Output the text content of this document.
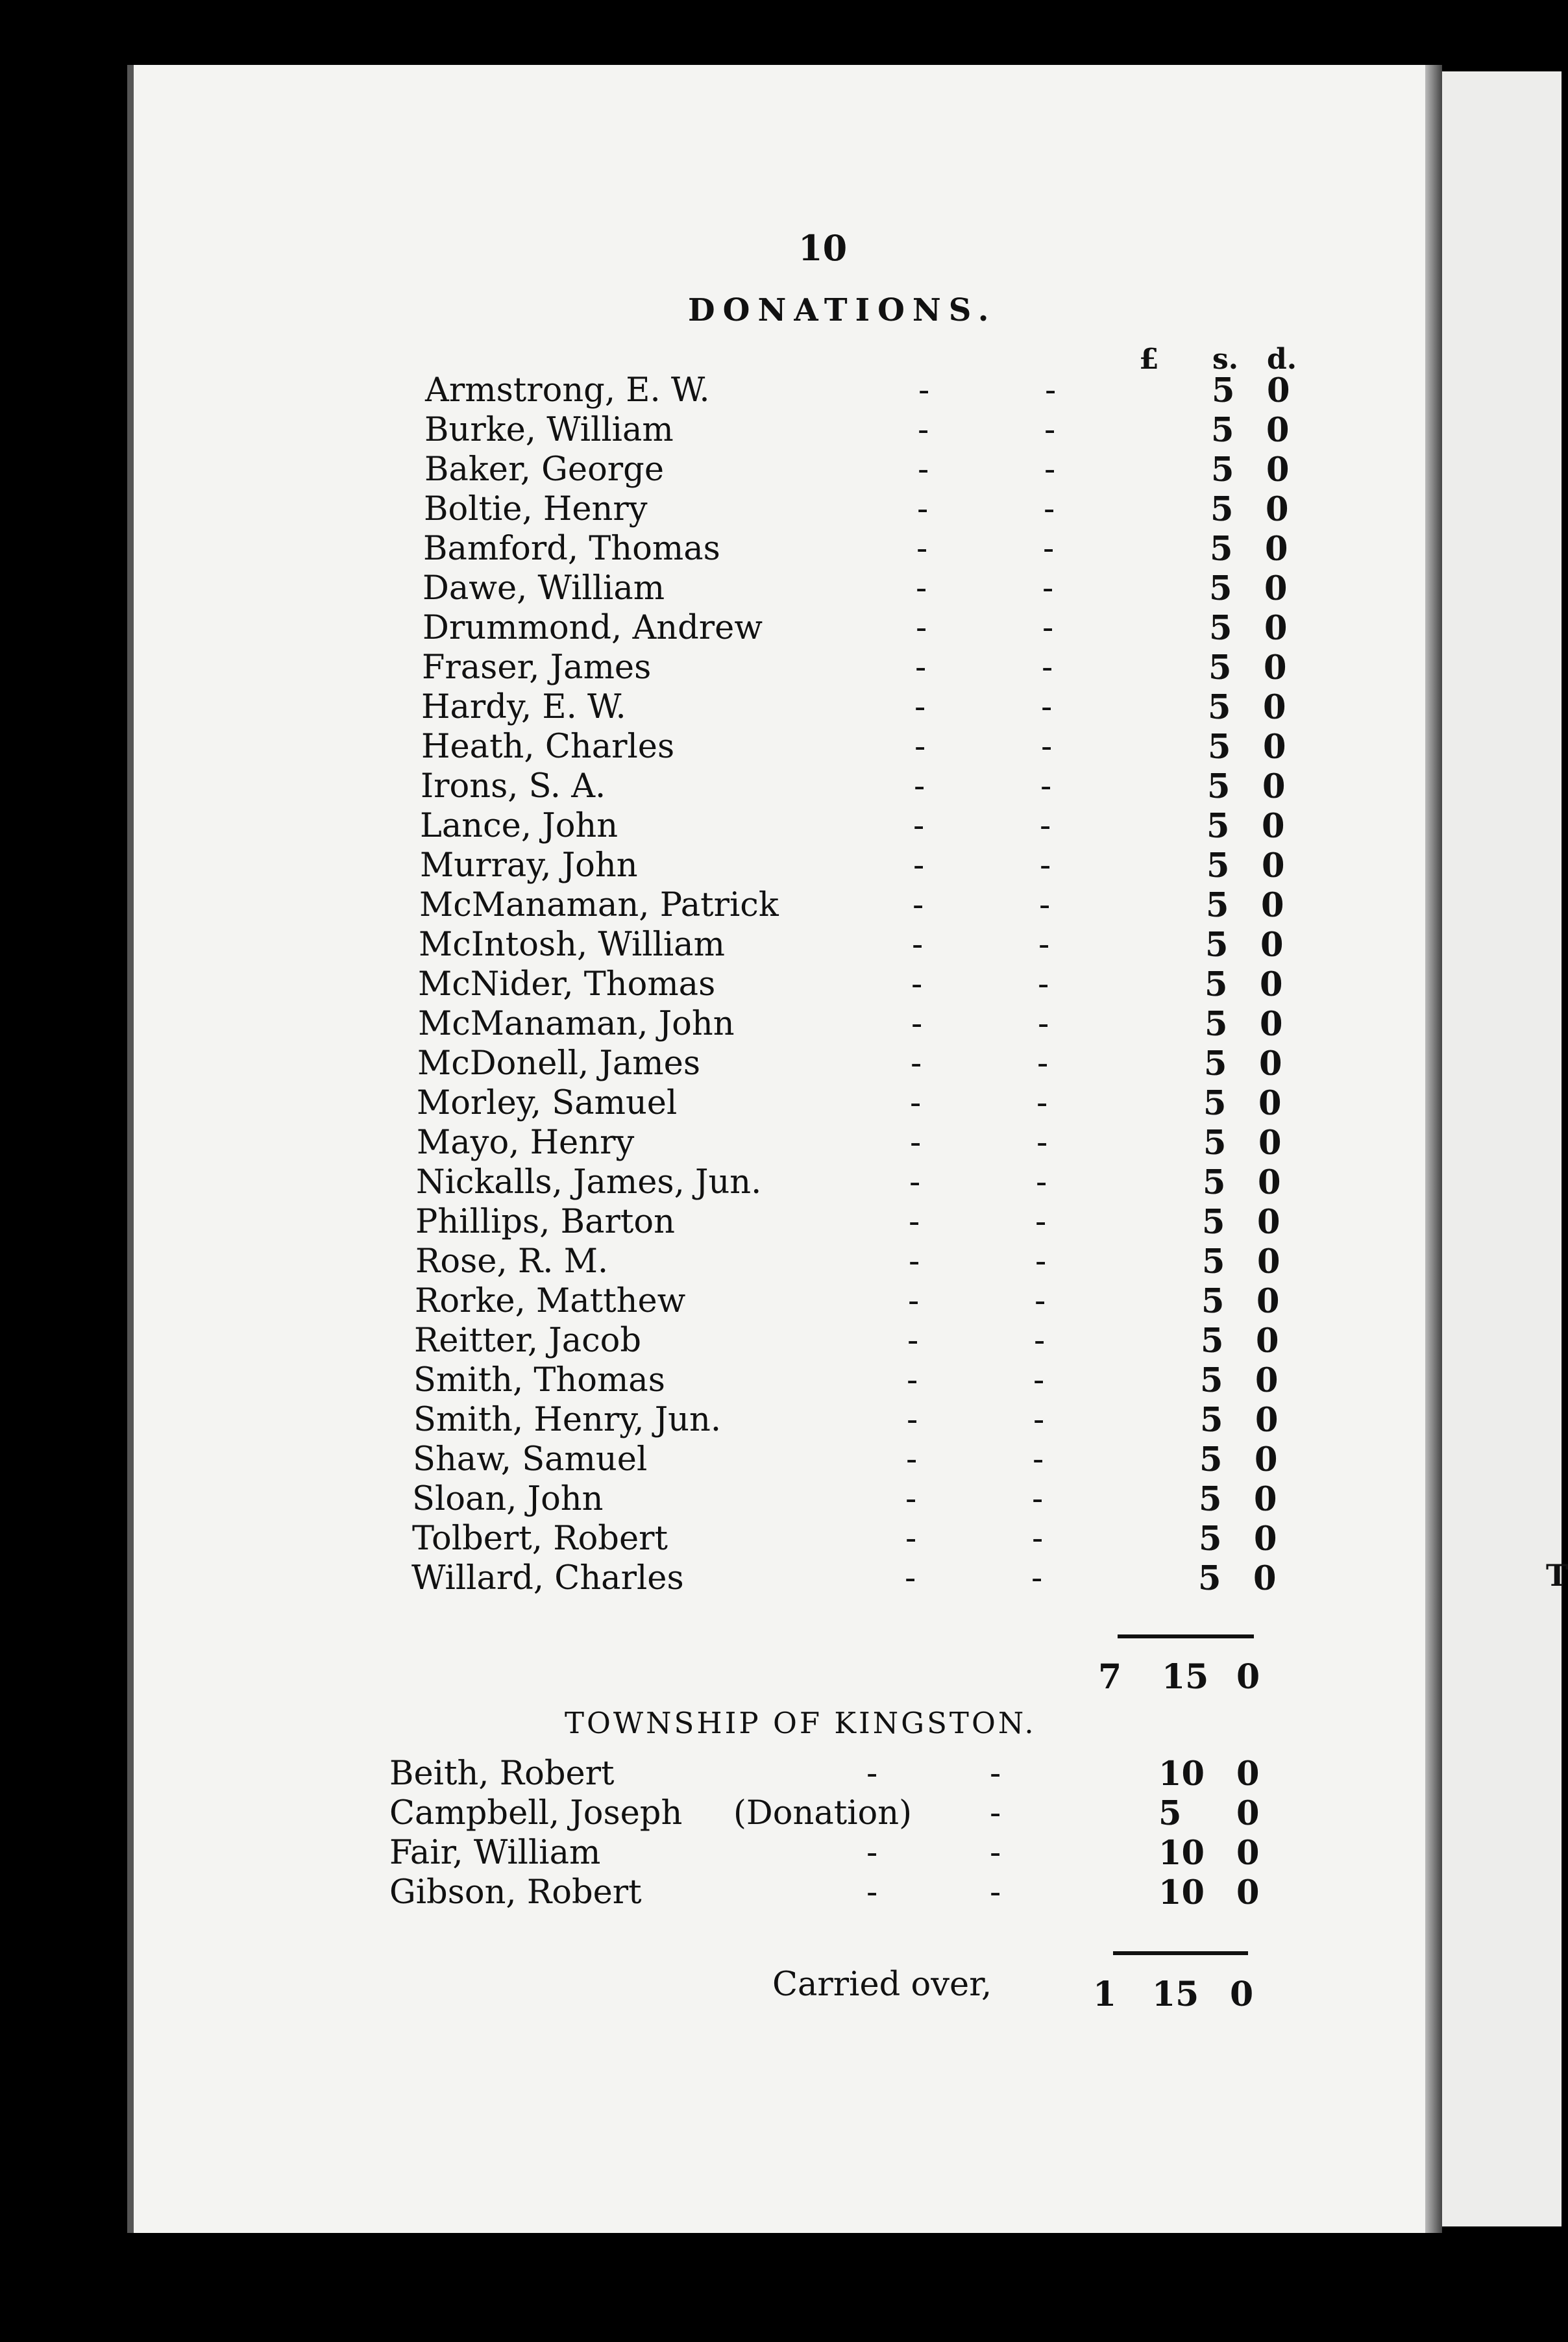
T
10
DONATIONS.
£ s. d.
Armstrong, E. W.	-	-	5 0
Burke, William	-	-	5 0
Baker, George	-	-	5 0
Boltie, Henry	-	-	5 0
Bamford, Thomas	-	-	5 0
Dawe, William	-	-	5 0
Drummond, Andrew	-	-	5 0
Fraser, James	-	-	5 0
Hardy, E. W.	-	-	5 0
Heath, Charles	-	-	5 0
Irons, S. A.	-	-	5 0
Lance, John	-	-	5 0
Murray, John	-	-	5 0
McManaman, Patrick	-	-	5 0
McIntosh, William	-	-	5 0
McNider, Thomas	-	-	5 0
McManaman, John	-	-	5 0
McDonell, James	-	-	5 0
Morley, Samuel	-	-	5 0
Mayo, Henry	-	-	5 0
Nickalls, James, Jun.	-	-	5 0
Phillips, Barton	-	-	5 0
Rose, R. M.	-	-	5 0
Rorke, Matthew	-	-	5 0
Reitter, Jacob	-	-	5 0
Smith, Thomas	-	-	5 0
Smith, Henry, Jun.	-	-	5 0
Shaw, Samuel	-	-	5 0
Sloan, John	-	-	5 0
Tolbert, Robert	-	-	5 0
Willard, Charles	-	-	5 0
7 15 0
TOWNSHIP OF KINGSTON.
Beith, Robert	-	-	10 0
Campbell, Joseph (Donation) -	5 0
Fair, William	-	-	10 0
Gibson, Robert	-	-	10 0
Carried over,	1 15 0
